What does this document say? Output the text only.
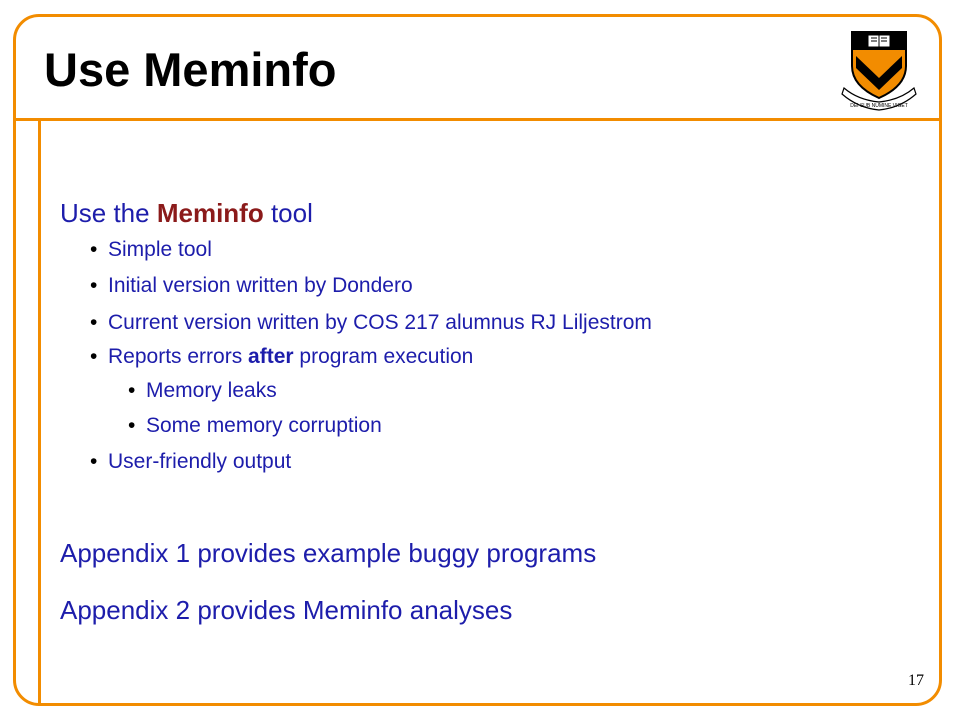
Use Meminfo
DEI SUB NUMINE VIGET
Use the Meminfo tool
• Simple tool
• Initial version written by Dondero
• Current version written by COS 217 alumnus RJ Liljestrom
• Reports errors after program execution
• Memory leaks
• Some memory corruption
• User-friendly output
Appendix 1 provides example buggy programs
Appendix 2 provides Meminfo analyses
17
